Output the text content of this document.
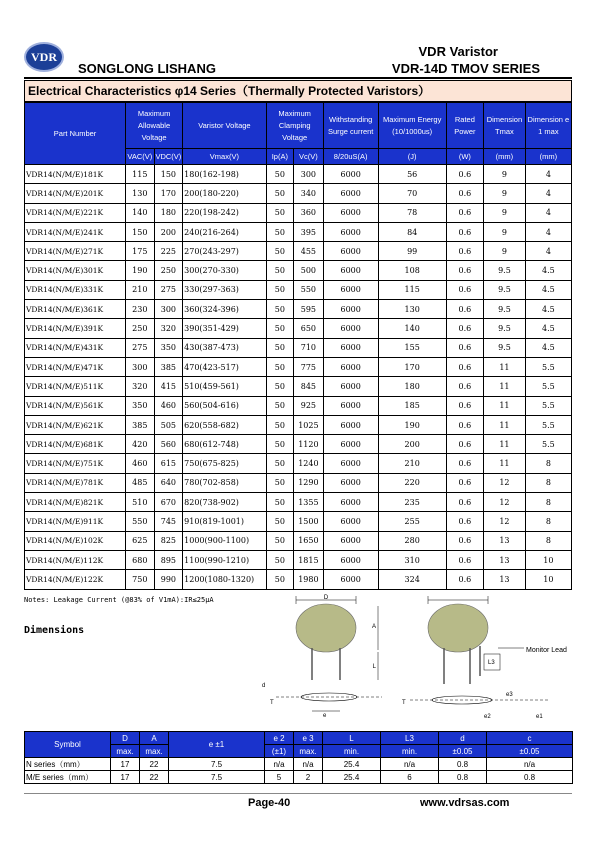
VDR
SONGLONG LISHANG
VDR Varistor
VDR-14D TMOV SERIES
Electrical Characteristics φ14 Series（Thermally Protected Varistors）
Part Number	Maximum Allowable Voltage		Varistor Voltage	Maximum Clamping Voltage		Withstanding Surge current	Maximum Energy (10/1000us)	Rated Power	Dimension Tmax	Dimension e 1 max
	VAC(V)	VDC(V)	Vmax(V)	Ip(A)	Vc(V)	8/20uS(A)	(J)	(W)	(mm)	(mm)
VDR14(N/M/E)181K	115	150	180(162-198)	50	300	6000	56	0.6	9	4
VDR14(N/M/E)201K	130	170	200(180-220)	50	340	6000	70	0.6	9	4
VDR14(N/M/E)221K	140	180	220(198-242)	50	360	6000	78	0.6	9	4
VDR14(N/M/E)241K	150	200	240(216-264)	50	395	6000	84	0.6	9	4
VDR14(N/M/E)271K	175	225	270(243-297)	50	455	6000	99	0.6	9	4
VDR14(N/M/E)301K	190	250	300(270-330)	50	500	6000	108	0.6	9.5	4.5
VDR14(N/M/E)331K	210	275	330(297-363)	50	550	6000	115	0.6	9.5	4.5
VDR14(N/M/E)361K	230	300	360(324-396)	50	595	6000	130	0.6	9.5	4.5
VDR14(N/M/E)391K	250	320	390(351-429)	50	650	6000	140	0.6	9.5	4.5
VDR14(N/M/E)431K	275	350	430(387-473)	50	710	6000	155	0.6	9.5	4.5
VDR14(N/M/E)471K	300	385	470(423-517)	50	775	6000	170	0.6	11	5.5
VDR14(N/M/E)511K	320	415	510(459-561)	50	845	6000	180	0.6	11	5.5
VDR14(N/M/E)561K	350	460	560(504-616)	50	925	6000	185	0.6	11	5.5
VDR14(N/M/E)621K	385	505	620(558-682)	50	1025	6000	190	0.6	11	5.5
VDR14(N/M/E)681K	420	560	680(612-748)	50	1120	6000	200	0.6	11	5.5
VDR14(N/M/E)751K	460	615	750(675-825)	50	1240	6000	210	0.6	11	8
VDR14(N/M/E)781K	485	640	780(702-858)	50	1290	6000	220	0.6	12	8
VDR14(N/M/E)821K	510	670	820(738-902)	50	1355	6000	235	0.6	12	8
VDR14(N/M/E)911K	550	745	910(819-1001)	50	1500	6000	255	0.6	12	8
VDR14(N/M/E)102K	625	825	1000(900-1100)	50	1650	6000	280	0.6	13	8
VDR14(N/M/E)112K	680	895	1100(990-1210)	50	1815	6000	310	0.6	13	10
VDR14(N/M/E)122K	750	990	1200(1080-1320)	50	1980	6000	324	0.6	13	10
Notes: Leakage Current (@83% of V1mA):IR≤25μA
Dimensions
D
A
L
d
T
e
L3
Monitor Lead
T
e3
e1
e2
Symbol	D	A	e ±1	e 2	e 3	L	L3	d	c
	max.	max.		(±1)	max.	min.	min.	±0.05	±0.05
N series（mm）	17	22	7.5	n/a	n/a	25.4	n/a	0.8	n/a
M/E series（mm）	17	22	7.5	5	2	25.4	6	0.8	0.8
Page-40	www.vdrsas.com
